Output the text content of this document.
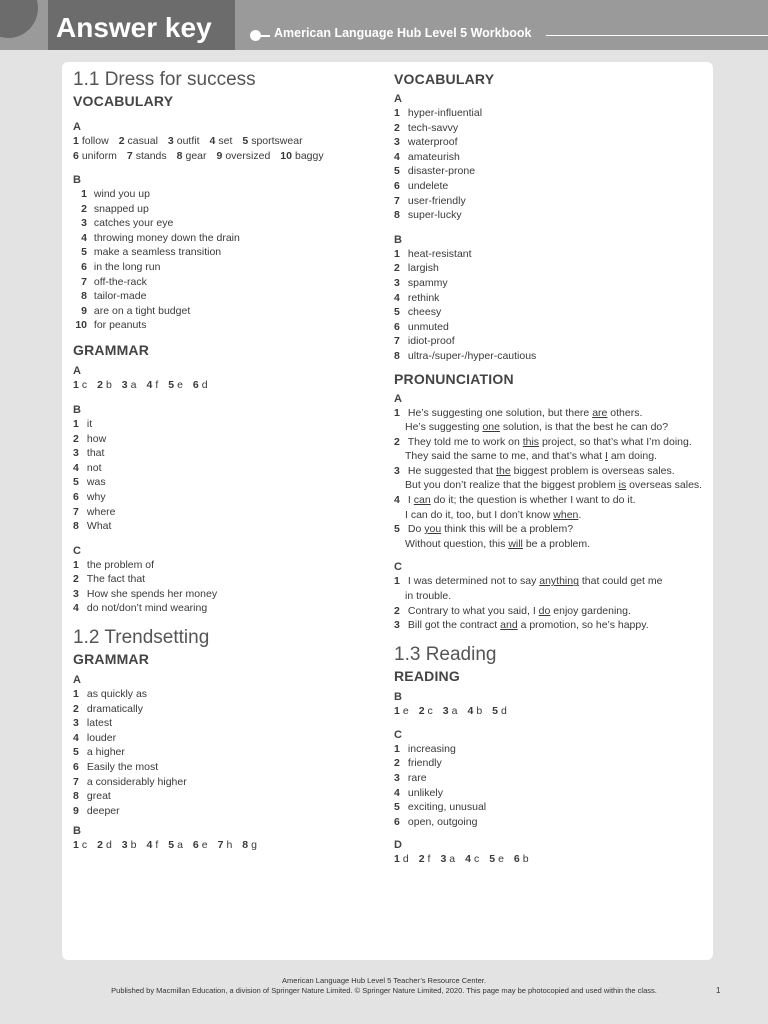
Answer key	American Language Hub Level 5 Workbook
1.1 Dress for success
VOCABULARY
A
1 follow 2 casual 3 outfit 4 set 5 sportswear
6 uniform 7 stands 8 gear 9 oversized 10 baggy
B
1 wind you up
2 snapped up
3 catches your eye
4 throwing money down the drain
5 make a seamless transition
6 in the long run
7 off-the-rack
8 tailor-made
9 are on a tight budget
10 for peanuts
GRAMMAR
A
1 c 2 b 3 a 4 f 5 e 6 d
B
1 it
2 how
3 that
4 not
5 was
6 why
7 where
8 What
C
1 the problem of
2 The fact that
3 How she spends her money
4 do not/don’t mind wearing
1.2 Trendsetting
GRAMMAR
A
1 as quickly as
2 dramatically
3 latest
4 louder
5 a higher
6 Easily the most
7 a considerably higher
8 great
9 deeper
B
1 c 2 d 3 b 4 f 5 a 6 e 7 h 8 g
VOCABULARY
A
1 hyper-influential
2 tech-savvy
3 waterproof
4 amateurish
5 disaster-prone
6 undelete
7 user-friendly
8 super-lucky
B
1 heat-resistant
2 largish
3 spammy
4 rethink
5 cheesy
6 unmuted
7 idiot-proof
8 ultra-/super-/hyper-cautious
PRONUNCIATION
A
1 He’s suggesting one solution, but there are others.
He’s suggesting one solution, is that the best he can do?
2 They told me to work on this project, so that’s what I’m doing.
They said the same to me, and that’s what I am doing.
3 He suggested that the biggest problem is overseas sales.
But you don’t realize that the biggest problem is overseas sales.
4 I can do it; the question is whether I want to do it.
I can do it, too, but I don’t know when.
5 Do you think this will be a problem?
Without question, this will be a problem.
C
1 I was determined not to say anything that could get me
in trouble.
2 Contrary to what you said, I do enjoy gardening.
3 Bill got the contract and a promotion, so he’s happy.
1.3 Reading
READING
B
1 e 2 c 3 a 4 b 5 d
C
1 increasing
2 friendly
3 rare
4 unlikely
5 exciting, unusual
6 open, outgoing
D
1 d 2 f 3 a 4 c 5 e 6 b
American Language Hub Level 5 Teacher’s Resource Center.
Published by Macmillan Education, a division of Springer Nature Limited. © Springer Nature Limited, 2020. This page may be photocopied and used within the class.	1
